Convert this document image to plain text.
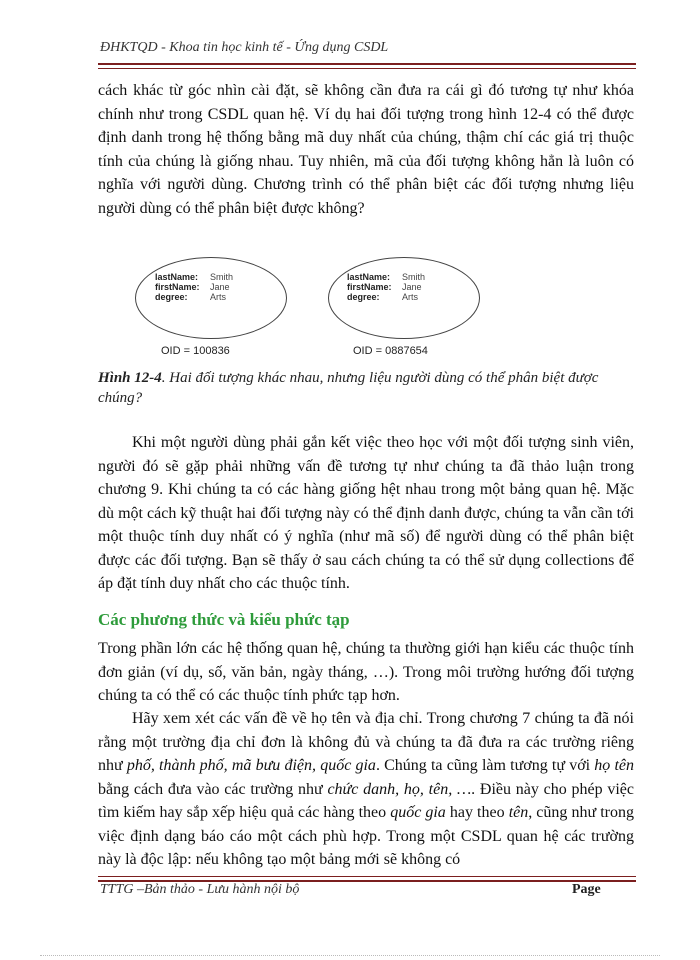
ĐHKTQD - Khoa tin học kinh tế - Ứng dụng CSDL

cách khác từ góc nhìn cài đặt, sẽ không cần đưa ra cái gì đó tương tự như khóa chính như trong CSDL quan hệ. Ví dụ hai đối tượng trong hình 12-4 có thể được định danh trong hệ thống bằng mã duy nhất của chúng, thậm chí các giá trị thuộc tính của chúng là giống nhau. Tuy nhiên, mã của đối tượng không hẳn là luôn có nghĩa với người dùng. Chương trình có thể phân biệt các đối tượng nhưng liệu người dùng có thể phân biệt được không?

lastName:	Smith
firstName:	Jane
degree:	Arts
OID = 100836
lastName:	Smith
firstName:	Jane
degree:	Arts
OID = 0887654
Hình 12-4. Hai đối tượng khác nhau, nhưng liệu người dùng có thể phân biệt được chúng?

Khi một người dùng phải gắn kết việc theo học với một đối tượng sinh viên, người đó sẽ gặp phải những vấn đề tương tự như chúng ta đã thảo luận trong chương 9. Khi chúng ta có các hàng giống hệt nhau trong một bảng quan hệ. Mặc dù một cách kỹ thuật hai đối tượng này có thể định danh được, chúng ta vẫn cần tới một thuộc tính duy nhất có ý nghĩa (như mã số) để người dùng có thể phân biệt được các đối tượng. Bạn sẽ thấy ở sau cách chúng ta có thể sử dụng collections để áp đặt tính duy nhất cho các thuộc tính.

Các phương thức và kiểu phức tạp

Trong phần lớn các hệ thống quan hệ, chúng ta thường giới hạn kiểu các thuộc tính đơn giản (ví dụ, số, văn bản, ngày tháng, …). Trong môi trường hướng đối tượng chúng ta có thể có các thuộc tính phức tạp hơn.

Hãy xem xét các vấn đề về họ tên và địa chỉ. Trong chương 7 chúng ta đã nói rằng một trường địa chỉ đơn là không đủ và chúng ta đã đưa ra các trường riêng như phố, thành phố, mã bưu điện, quốc gia. Chúng ta cũng làm tương tự với họ tên bằng cách đưa vào các trường như chức danh, họ, tên, …. Điều này cho phép việc tìm kiếm hay sắp xếp hiệu quả các hàng theo quốc gia hay theo tên, cũng như trong việc định dạng báo cáo một cách phù hợp. Trong một CSDL quan hệ các trường này là độc lập: nếu không tạo một bảng mới sẽ không có

TTTG –Bản thảo - Lưu hành nội bộ	Page
